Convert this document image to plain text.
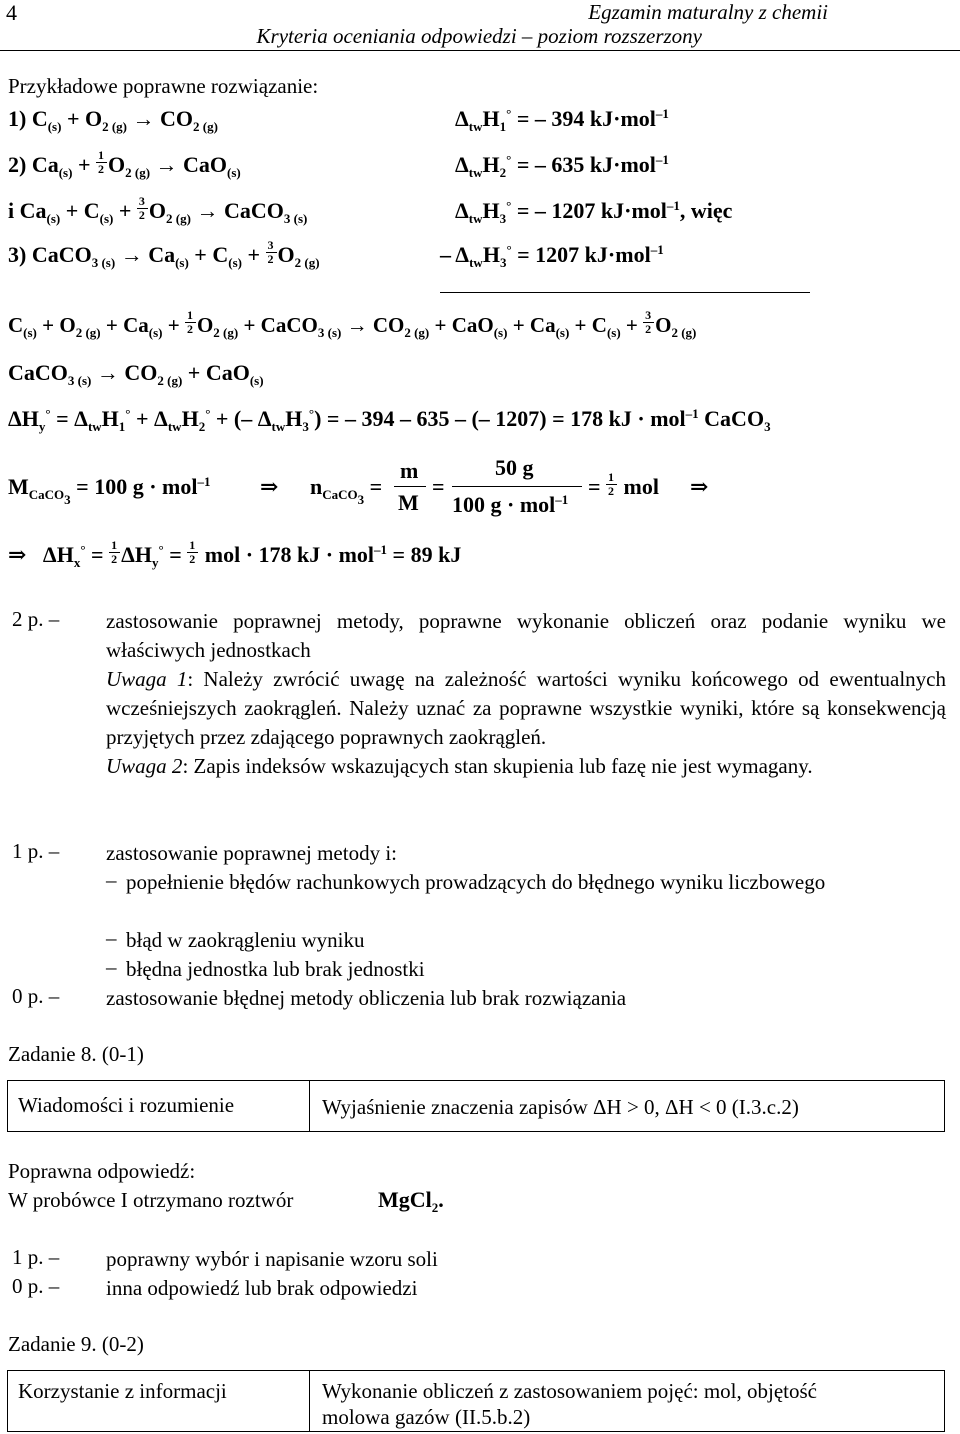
4	Egzamin maturalny z chemii
Kryteria oceniania odpowiedzi – poziom rozszerzony
Przykładowe poprawne rozwiązanie:
1) $C_{(s)} + O_{2 (g)} \to CO_{2 (g)}$	$\Delta_{tw}H_1^\circ$ = – 394 kJ·mol$^{-1}$
2) $Ca_{(s)} + \frac{1}{2} O_{2 (g)} \to CaO_{(s)}$	$\Delta_{tw}H_2^\circ$ = – 635 kJ·mol$^{-1}$
i $Ca_{(s)} + C_{(s)} + \frac{3}{2} O_{2 (g)}$ → CaCO$_{3 (s)}$	$\Delta_{tw}H_3^\circ$ = – 1207 kJ·mol$^{-1}$, więc
3) CaCO$_{3 (s)}$ → $Ca_{(s)} + C_{(s)} + \frac{3}{2} O_{2 (g)}$	– $\Delta_{tw}H_3^\circ = 1207$ kJ·mol$^{-1}$
$C_{(s)} + O_{2 (g)} + Ca_{(s)} + \frac{1}{2} O_{2 (g)}$ + CaCO$_{3 (s)}$ → $CO_{2 (g)} + CaO_{(s)} + Ca_{(s)} + C_{(s)} + \frac{3}{2} O_{2 (g)}$
CaCO$_{3 (s)}$ → $CO_{2 (g)} + CaO_{(s)}$
$\Delta H_y^\circ = \Delta_{tw}H_1^\circ + \Delta_{tw}H_2^\circ$ + (– $\Delta_{tw}H_3^\circ$) = – 394 – 635 – (– 1207) = 178 kJ · mol$^{-1}$ CaCO$_3$
$M_{CaCO_3} = 100$ g · mol$^{-1}$ ⇒ $n_{CaCO_3}$ =
m
M
=
50 g
100 g · mol$^{-1}$
= $\frac{1}{2}$ mol ⇒
⇒   $\Delta H_x^\circ = \frac{1}{2} \Delta H_y^\circ = \frac{1}{2}$ mol · 178 kJ · mol$^{-1}$ = 89 kJ
2 p. – zastosowanie poprawnej metody, poprawne wykonanie obliczeń oraz podanie wyniku we właściwych jednostkach
Uwaga 1: Należy zwrócić uwagę na zależność wartości wyniku końcowego od ewentualnych wcześniejszych zaokrągleń. Należy uznać za poprawne wszystkie wyniki, które są konsekwencją przyjętych przez zdającego poprawnych zaokrągleń.
Uwaga 2: Zapis indeksów wskazujących stan skupienia lub fazę nie jest wymagany.
1 p. – zastosowanie poprawnej metody i:
– popełnienie błędów rachunkowych prowadzących do błędnego wyniku liczbowego
– błąd w zaokrągleniu wyniku
– błędna jednostka lub brak jednostki
0 p. – zastosowanie błędnej metody obliczenia lub brak rozwiązania
Zadanie 8. (0-1)
Wiadomości i rozumienie	Wyjaśnienie znaczenia zapisów ΔH > 0, ΔH < 0 (I.3.c.2)
Poprawna odpowiedź:
W probówce I otrzymano roztwór	MgCl$_2$.
1 p. – poprawny wybór i napisanie wzoru soli
0 p. – inna odpowiedź lub brak odpowiedzi
Zadanie 9. (0-2)
Korzystanie z informacji	Wykonanie obliczeń z zastosowaniem pojęć: mol, objętość
molowa gazów (II.5.b.2)
